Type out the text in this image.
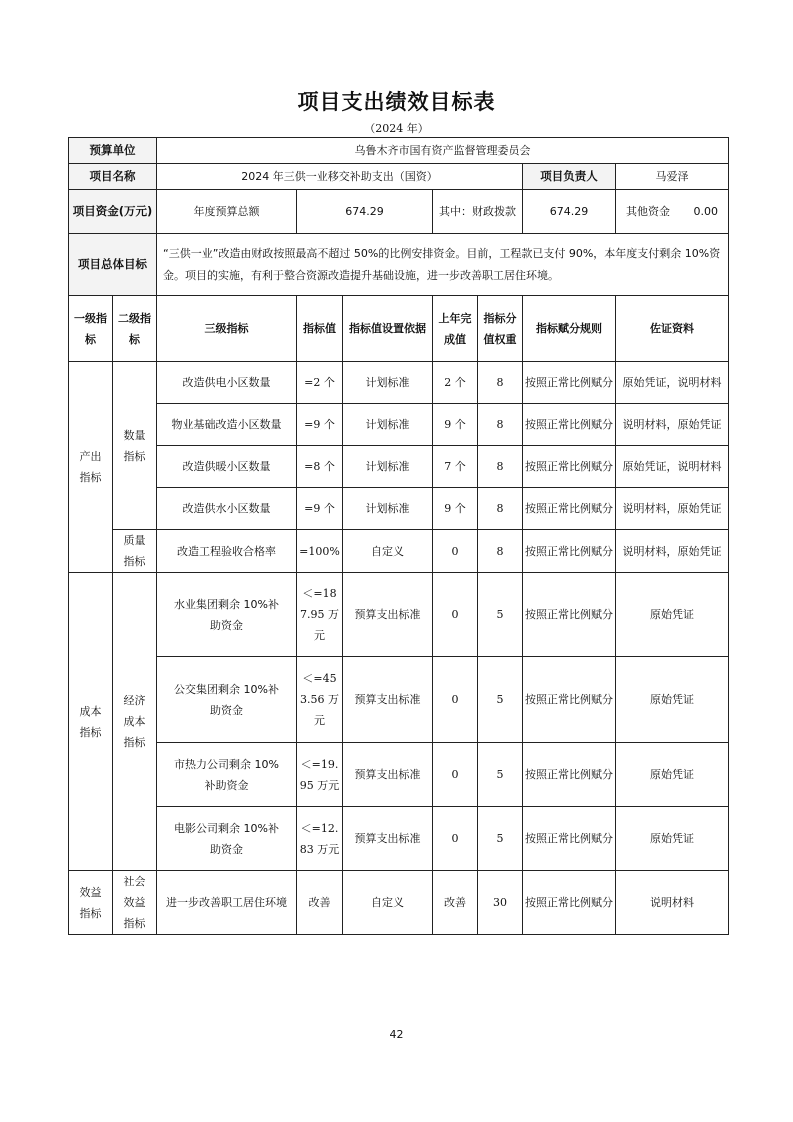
项目支出绩效目标表
（2024 年）
预算单位		乌鲁木齐市国有资产监督管理委员会						
项目名称		2024 年三供一业移交补助支出（国资）					项目负责人	马爱泽
项目资金(万元)		年度预算总额	674.29		其中：财政拨款		674.29	其他资金 0.00
项目总体目标		“三供一业”改造由财政按照最高不超过 50%的比例安排资金。目前，工程款已支付 90%，本年度支付剩余 10%资金。项目的实施，有利于整合资源改造提升基础设施，进一步改善职工居住环境。						
一级指标	二级指标	三级指标	指标值	指标值设置依据	上年完成值	指标分值权重	指标赋分规则	佐证资料
产出指标	数量指标	改造供电小区数量	=2 个	计划标准	2 个	8	按照正常比例赋分	原始凭证，说明材料
		物业基础改造小区数量	=9 个	计划标准	9 个	8	按照正常比例赋分	说明材料，原始凭证
		改造供暖小区数量	=8 个	计划标准	7 个	8	按照正常比例赋分	原始凭证，说明材料
		改造供水小区数量	=9 个	计划标准	9 个	8	按照正常比例赋分	说明材料，原始凭证
	质量指标	改造工程验收合格率	=100%	自定义	0	8	按照正常比例赋分	说明材料，原始凭证
成本指标	经济成本指标	水业集团剩余 10%补助资金	＜=187.95 万元	预算支出标准	0	5	按照正常比例赋分	原始凭证
		公交集团剩余 10%补助资金	＜=453.56 万元	预算支出标准	0	5	按照正常比例赋分	原始凭证
		市热力公司剩余 10%补助资金	＜=19.95 万元	预算支出标准	0	5	按照正常比例赋分	原始凭证
		电影公司剩余 10%补助资金	＜=12.83 万元	预算支出标准	0	5	按照正常比例赋分	原始凭证
效益指标	社会效益指标	进一步改善职工居住环境	改善	自定义	改善	30	按照正常比例赋分	说明材料
42
